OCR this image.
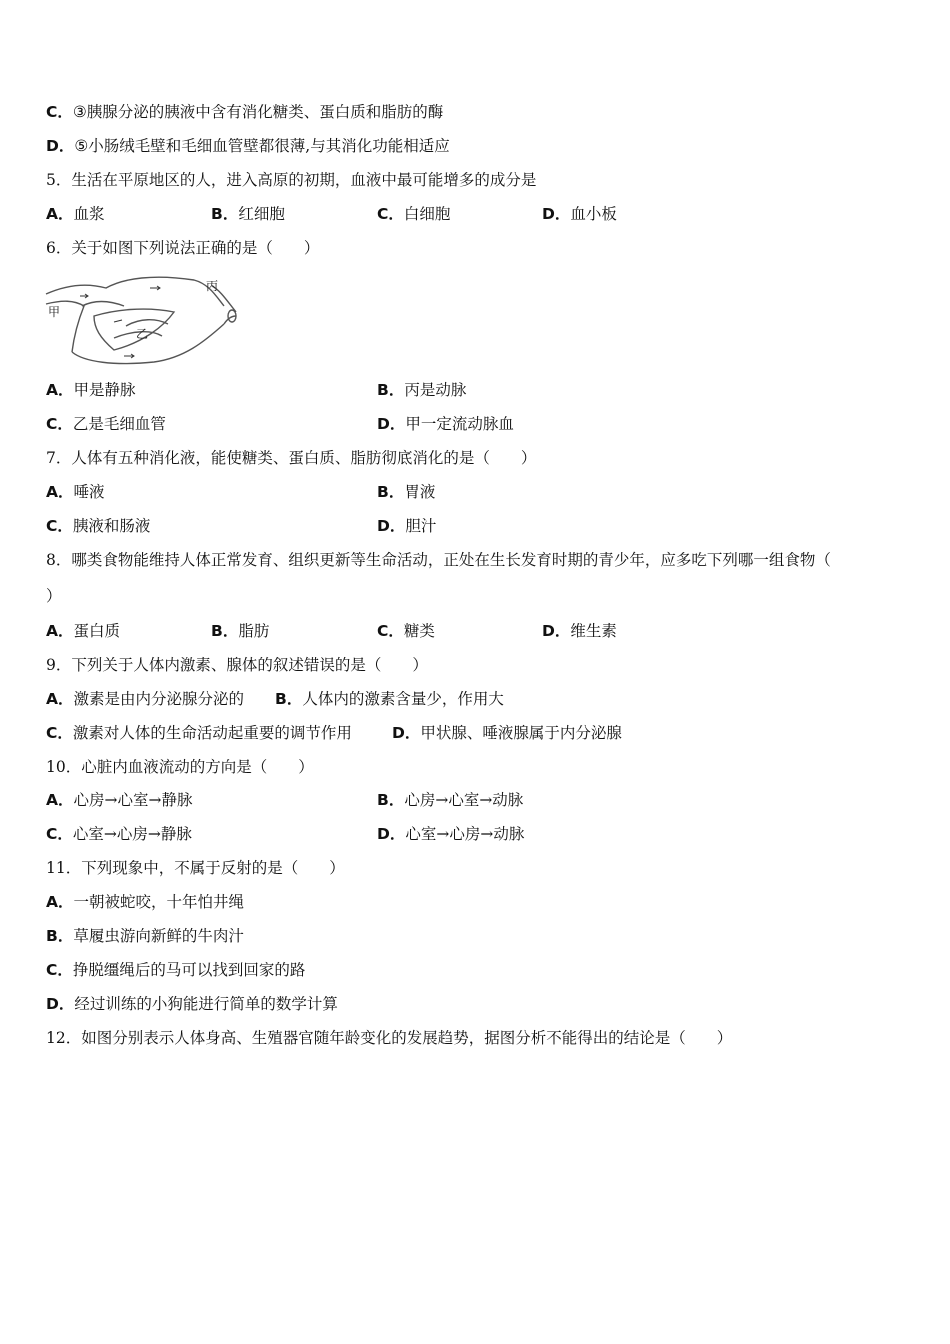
C．③胰腺分泌的胰液中含有消化糖类、蛋白质和脂肪的酶
D．⑤小肠绒毛壁和毛细血管壁都很薄,与其消化功能相适应
5．生活在平原地区的人，进入高原的初期，血液中最可能增多的成分是
A．血浆	B．红细胞	C．白细胞	D．血小板
6．关于如图下列说法正确的是（　　）
甲
乙
丙
A．甲是静脉	B．丙是动脉
C．乙是毛细血管	D．甲一定流动脉血
7．人体有五种消化液，能使糖类、蛋白质、脂肪彻底消化的是（　　）
A．唾液	B．胃液
C．胰液和肠液	D．胆汁
8．哪类食物能维持人体正常发育、组织更新等生命活动，正处在生长发育时期的青少年，应多吃下列哪一组食物（
）
A．蛋白质	B．脂肪	C．糖类	D．维生素
9．下列关于人体内激素、腺体的叙述错误的是（　　）
A．激素是由内分泌腺分泌的 B．人体内的激素含量少，作用大
C．激素对人体的生命活动起重要的调节作用	D．甲状腺、唾液腺属于内分泌腺
10．心脏内血液流动的方向是（　　）
A．心房→心室→静脉	B．心房→心室→动脉
C．心室→心房→静脉	D．心室→心房→动脉
11．下列现象中，不属于反射的是（　　）
A．一朝被蛇咬，十年怕井绳
B．草履虫游向新鲜的牛肉汁
C．挣脱缰绳后的马可以找到回家的路
D．经过训练的小狗能进行简单的数学计算
12．如图分别表示人体身高、生殖器官随年龄变化的发展趋势，据图分析不能得出的结论是（　　）
